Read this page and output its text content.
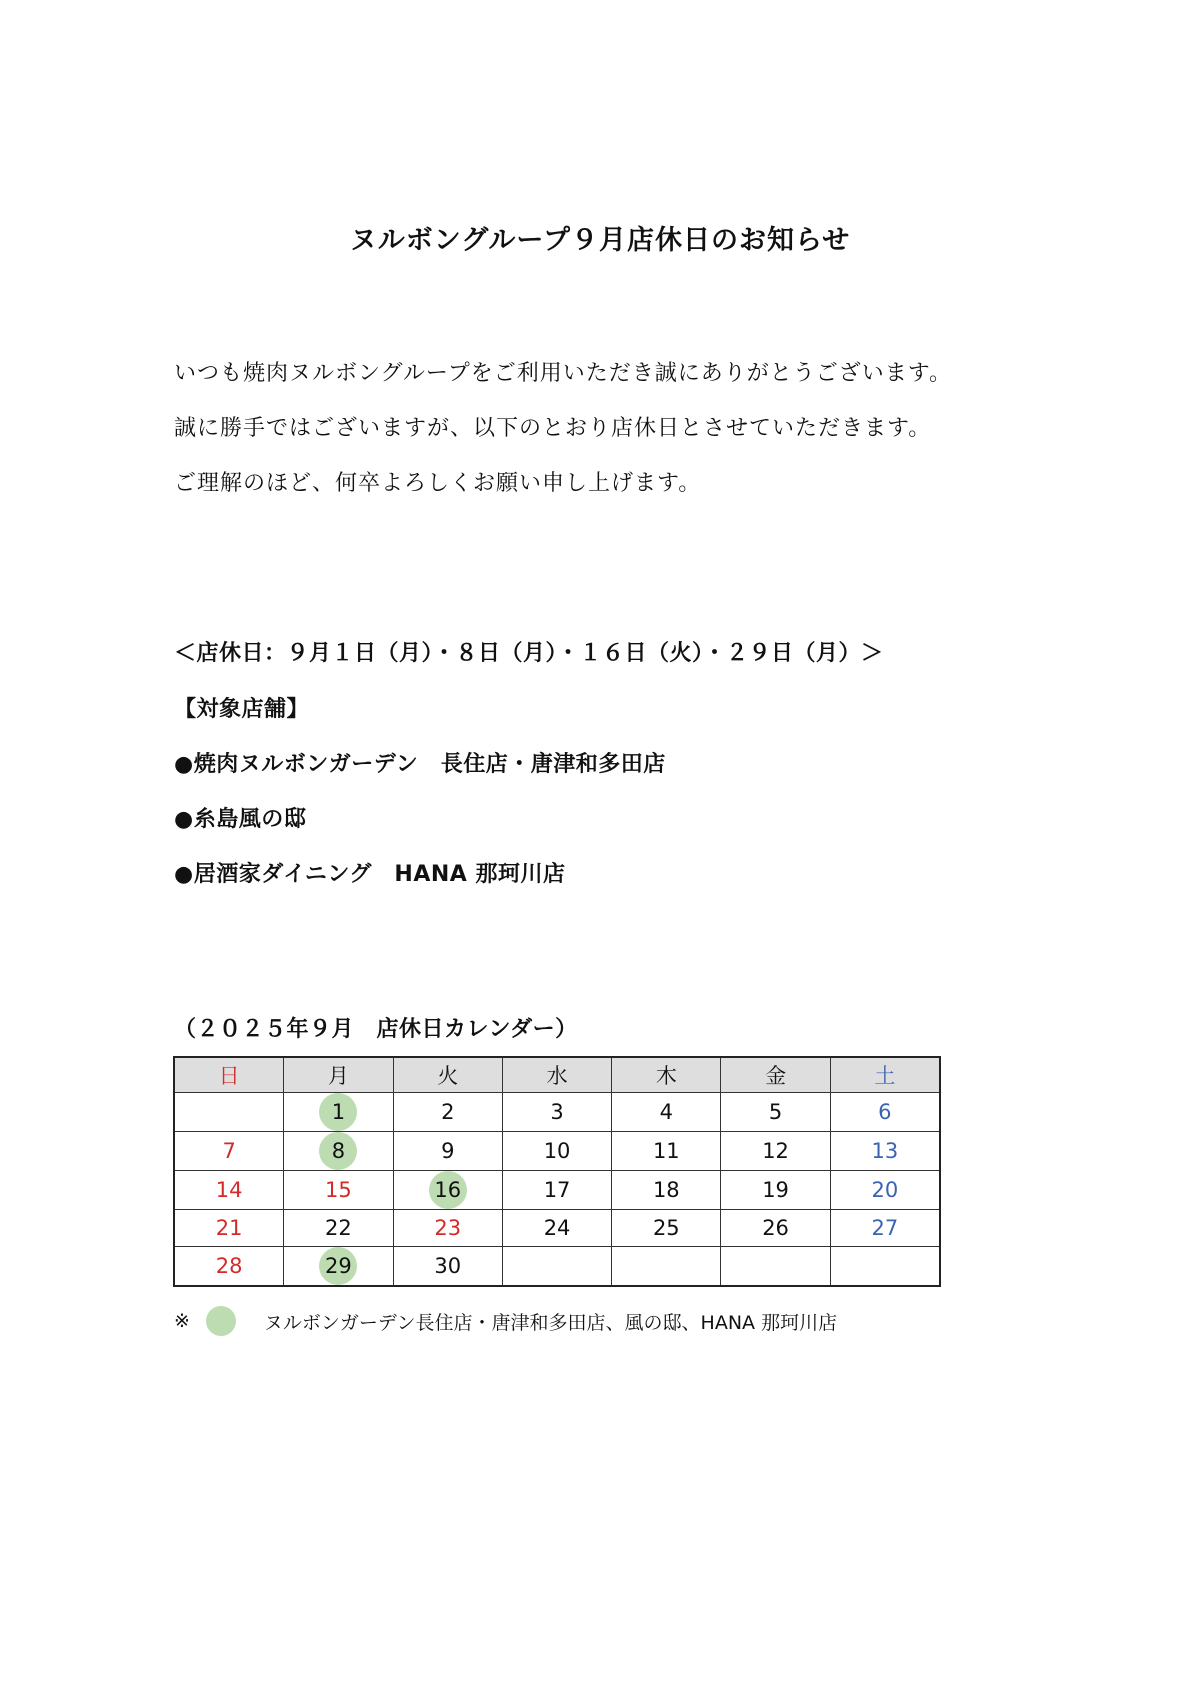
ヌルボングループ９月店休日のお知らせ
いつも焼肉ヌルボングループをご利用いただき誠にありがとうございます。
誠に勝手ではございますが、以下のとおり店休日とさせていただきます。
ご理解のほど、何卒よろしくお願い申し上げます。
＜店休日：９月１日（月）・８日（月）・１６日（火）・２９日（月）＞
【対象店舗】
●焼肉ヌルボンガーデン　長住店・唐津和多田店
●糸島風の邸
●居酒家ダイニング　HANA 那珂川店
（２０２５年９月　店休日カレンダー）
日	月	火	水	木	金	土
	1	2	3	4	5	6
7	8	9	10	11	12	13
14	15	16	17	18	19	20
21	22	23	24	25	26	27
28	29	30				
※	ヌルボンガーデン長住店・唐津和多田店、風の邸、HANA 那珂川店
